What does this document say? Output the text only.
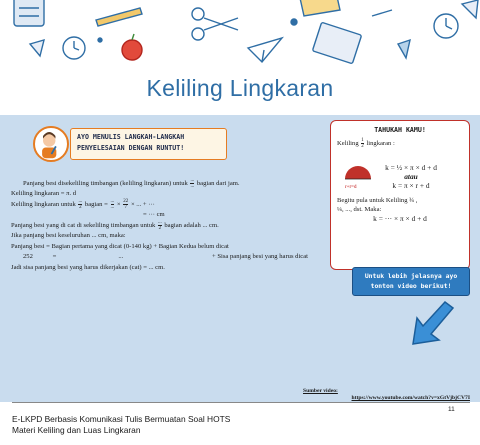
Keliling Lingkaran
AYO MENULIS LANGKAH-LANGKAH
PENYELESAIAN DENGAN RUNTUT!
Panjang besi disekeliling timbangan (keliling lingkaran) untuk $\frac{...}{...}$ bagian dari jam.
Keliling lingkaran = π. d
Keliling lingkaran untuk $\frac{...}{2}$ bagian = $\frac{...}{...} \times \frac{22}{7}$ × ... + ···
= ··· cm
Panjang besi yang di cat di sekeliling timbangan untuk $\frac{...}{2}$ bagian adalah ... cm.
Jika panjang besi keseluruhan ... cm, maka:
Panjang besi = Bagian pertama yang dicat (0-140 kg) + Bagian Kedua belum dicat
252	=	...	+ Sisa panjang besi yang harus dicat
Jadi sisa panjang besi yang harus dikerjakan (cat) = ... cm.
TAHUKAH KAMU!
Keliling $\frac{1}{2}$ lingkaran :
r+r=d
k = ½ × π × d + d
atau
k = π × r + d
Begitu pula untuk Keliling ¾ ,
¼, ..., dst. Maka:
k = ··· × π × d + d
Untuk lebih jelasnya ayo
tonton video berikut!
Sumber video:
https://www.youtube.com/watch?v=xGtVjbjCV7I
11
E-LKPD Berbasis Komunikasi Tulis Bermuatan Soal HOTS
Materi Keliling dan Luas Lingkaran
